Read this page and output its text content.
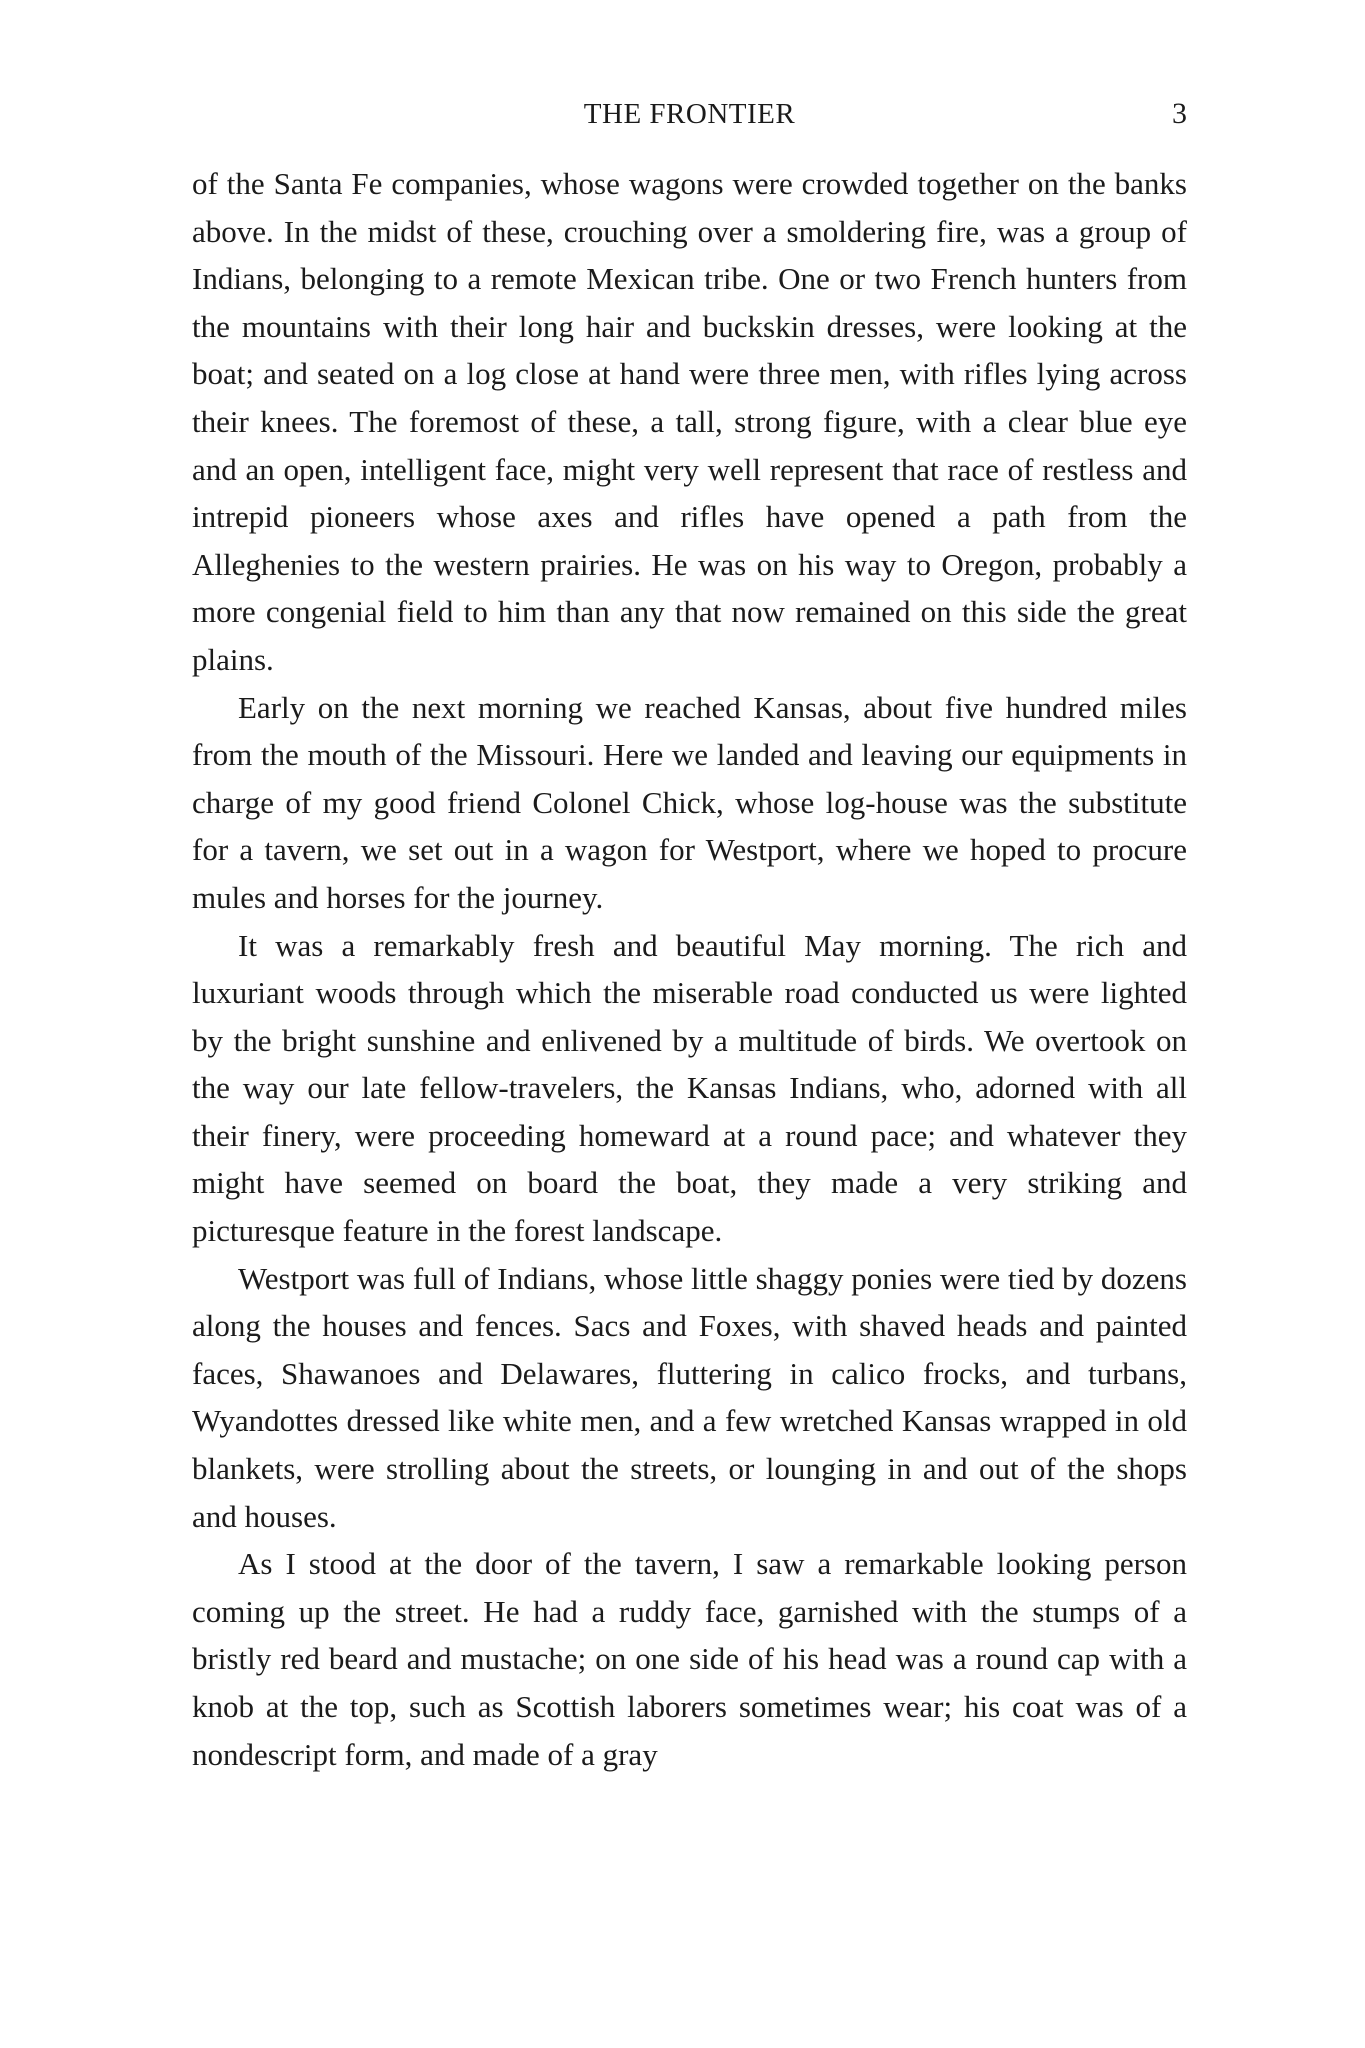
THE FRONTIER	3

of the Santa Fe companies, whose wagons were crowded together on the banks above. In the midst of these, crouching over a smoldering fire, was a group of Indians, belonging to a remote Mexican tribe. One or two French hunters from the mountains with their long hair and buckskin dresses, were looking at the boat; and seated on a log close at hand were three men, with rifles lying across their knees. The foremost of these, a tall, strong figure, with a clear blue eye and an open, intelligent face, might very well represent that race of restless and intrepid pioneers whose axes and rifles have opened a path from the Alleghenies to the western prairies. He was on his way to Oregon, probably a more congenial field to him than any that now remained on this side the great plains.

Early on the next morning we reached Kansas, about five hundred miles from the mouth of the Missouri. Here we landed and leaving our equipments in charge of my good friend Colonel Chick, whose log-house was the substitute for a tavern, we set out in a wagon for Westport, where we hoped to procure mules and horses for the journey.

It was a remarkably fresh and beautiful May morning. The rich and luxuriant woods through which the miserable road conducted us were lighted by the bright sunshine and enlivened by a multitude of birds. We overtook on the way our late fellow-travelers, the Kansas Indians, who, adorned with all their finery, were proceeding homeward at a round pace; and whatever they might have seemed on board the boat, they made a very striking and picturesque feature in the forest landscape.

Westport was full of Indians, whose little shaggy ponies were tied by dozens along the houses and fences. Sacs and Foxes, with shaved heads and painted faces, Shawanoes and Delawares, fluttering in calico frocks, and turbans, Wyandottes dressed like white men, and a few wretched Kansas wrapped in old blankets, were strolling about the streets, or lounging in and out of the shops and houses.

As I stood at the door of the tavern, I saw a remarkable looking person coming up the street. He had a ruddy face, garnished with the stumps of a bristly red beard and mustache; on one side of his head was a round cap with a knob at the top, such as Scottish laborers sometimes wear; his coat was of a nondescript form, and made of a gray
